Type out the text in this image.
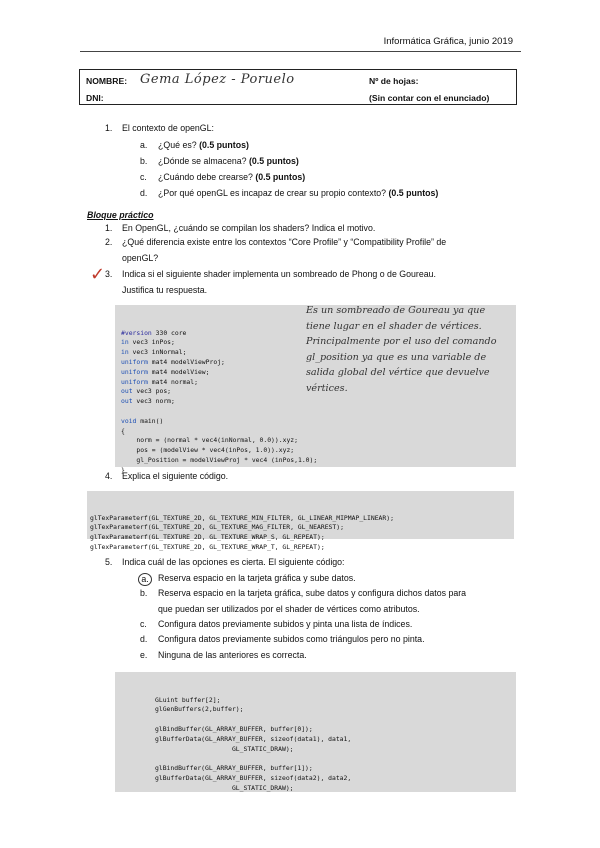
Informática Gráfica, junio 2019
NOMBRE: Gema López - Poruelo
DNI:
Nº de hojas:
(Sin contar con el enunciado)
1. El contexto de openGL:
a. ¿Qué es? (0.5 puntos)
b. ¿Dónde se almacena? (0.5 puntos)
c. ¿Cuándo debe crearse? (0.5 puntos)
d. ¿Por qué openGL es incapaz de crear su propio contexto? (0.5 puntos)
Bloque práctico
1. En OpenGL, ¿cuándo se compilan los shaders? Indica el motivo.
2. ¿Qué diferencia existe entre los contextos “Core Profile” y “Compatibility Profile” de
openGL?
3. Indica si el siguiente shader implementa un sombreado de Phong o de Goureau.
Justifica tu respuesta.
✓

#version 330 core
in vec3 inPos;
in vec3 inNormal;
uniform mat4 modelViewProj;
uniform mat4 modelView;
uniform mat4 normal;
out vec3 pos;
out vec3 norm;

void main()
{
norm = (normal * vec4(inNormal, 0.0)).xyz;
pos = (modelView * vec4(inPos, 1.0)).xyz;
gl_Position = modelViewProj * vec4 (inPos,1.0);
}

Es un sombreado de Goureau ya que
tiene lugar en el shader de vértices.
Principalmente por el uso del comando
gl_position ya que es una variable de
salida global del vértice que devuelve
vértices.
4. Explica el siguiente código.

glTexParameterf(GL_TEXTURE_2D, GL_TEXTURE_MIN_FILTER, GL_LINEAR_MIPMAP_LINEAR);
glTexParameterf(GL_TEXTURE_2D, GL_TEXTURE_MAG_FILTER, GL_NEAREST);
glTexParameterf(GL_TEXTURE_2D, GL_TEXTURE_WRAP_S, GL_REPEAT);
glTexParameterf(GL_TEXTURE_2D, GL_TEXTURE_WRAP_T, GL_REPEAT);

5. Indica cuál de las opciones es cierta. El siguiente código:
a.	Reserva espacio en la tarjeta gráfica y sube datos.
b. Reserva espacio en la tarjeta gráfica, sube datos y configura dichos datos para
que puedan ser utilizados por el shader de vértices como atributos.
c. Configura datos previamente subidos y pinta una lista de índices.
d. Configura datos previamente subidos como triángulos pero no pinta.
e. Ninguna de las anteriores es correcta.

GLuint buffer[2];
glGenBuffers(2,buffer);

glBindBuffer(GL_ARRAY_BUFFER, buffer[0]);
glBufferData(GL_ARRAY_BUFFER, sizeof(data1), data1,
GL_STATIC_DRAW);

glBindBuffer(GL_ARRAY_BUFFER, buffer[1]);
glBufferData(GL_ARRAY_BUFFER, sizeof(data2), data2,
GL_STATIC_DRAW);
